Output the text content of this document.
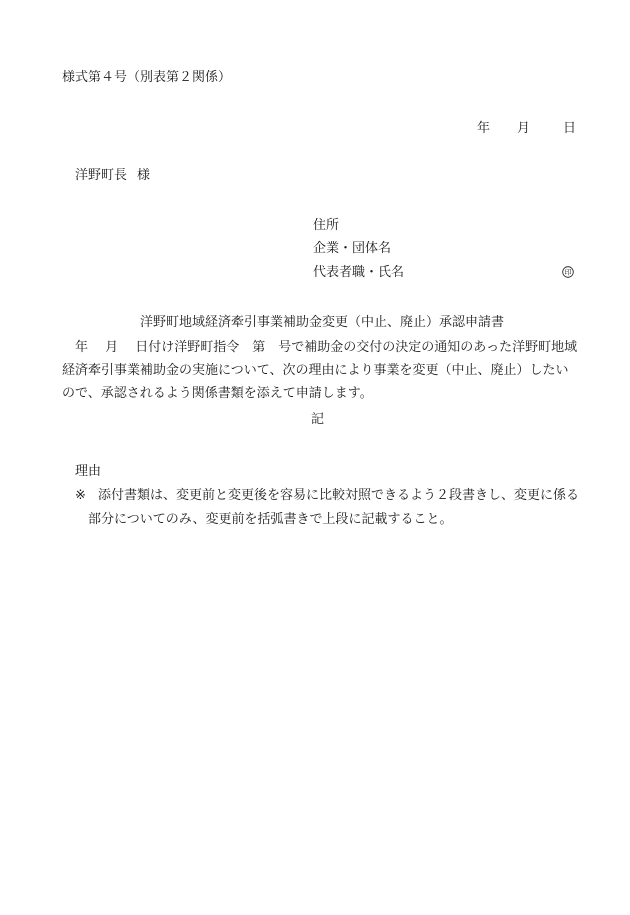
様式第４号（別表第２関係）
年 月	日
洋野町長 様
住所
企業・団体名
代表者職・氏名	印
洋野町地域経済牽引事業補助金変更（中止、廃止）承認申請書
　年　 月　 日付け洋野町指令　第　号で補助金の交付の決定の通知のあった洋野町地域
経済牽引事業補助金の実施について、次の理由により事業を変更（中止、廃止）したい
ので、承認されるよう関係書類を添えて申請します。
記
理由
※ 添付書類は、変更前と変更後を容易に比較対照できるよう２段書きし、変更に係る
部分についてのみ、変更前を括弧書きで上段に記載すること。
